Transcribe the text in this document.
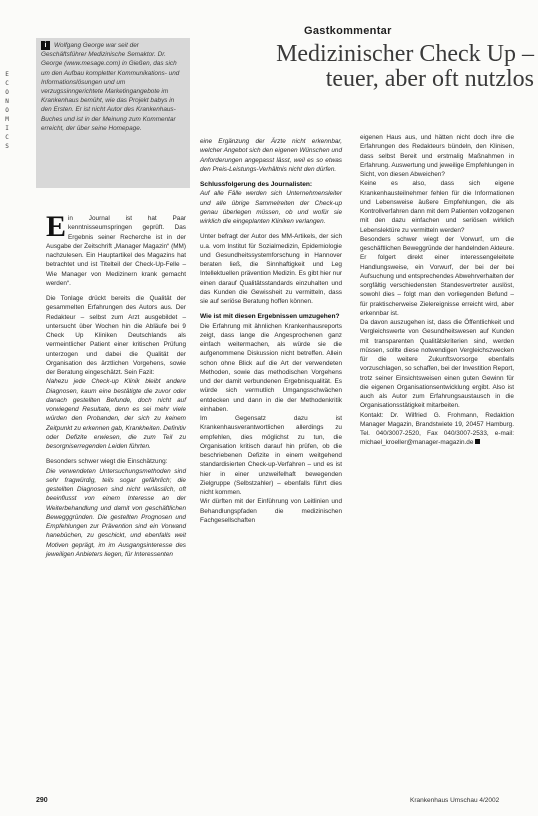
Gastkommentar
E
C
O
N
O
M
I
C
S
i Wolfgang George war seit der Geschäftsführer Medizinische Semaktor. Dr. George (www.mesage.com) in Gießen, das sich um den Aufbau kompletter Kommunikations- und Informationslösungen und um verzugssinngerichtete Marketingangebote im Krankenhaus bemüht, wie das Projekt babys in den Ersten. Er ist nicht Autor des Krankenhaus-Buches und ist in der Meinung zum Kommentar erreicht, der über seine Homepage.
Medizinischer Check Up –
teuer, aber oft nutzlos

Ein Journal ist hat Paar kenntnisseumspringen geprüft. Das Ergebnis seiner Recherche ist in der Ausgabe der Zeitschrift „Manager Magazin“ (MM) nachzulesen. Ein Hauptartikel des Magazins hat betrachtet und ist Titelteil der Check-Up-Felle – Wie Manager von Medizinern krank gemacht werden“.

Die Tonlage drückt bereits die Qualität der gesammelten Erfahrungen des Autors aus. Der Redakteur – selbst zum Arzt ausgebildet – untersucht über Wochen hin die Abläufe bei 9 Check Up Kliniken Deutschlands als vermeintlicher Patient einer kritischen Prüfung unterzogen und dabei die Qualität der Organisation des ärztlichen Vorgehens, sowie der Beratung eingeschätzt. Sein Fazit:

Nahezu jede Check-up Klinik bleibt andere Diagnosen, kaum eine bestätigte die zuvor oder danach gestellten Befunde, doch nicht auf vorwiegend Resultate, denn es sei mehr viele würden den Probanden, der sich zu keinem Zeitpunkt zu erkennen gab, Krankheiten. Definitiv oder Defizite erwiesen, die zum Teil zu besorgniserregenden Leiden führten.

Besonders schwer wiegt die Einschätzung:

Die verwendeten Untersuchungsmethoden sind sehr fragwürdig, teils sogar gefährlich; die gestellten Diagnosen sind nicht verlässlich, oft beeinflusst von einem Interesse an der Weiterbehandlung und damit von geschäftlichen Bewegggründen. Die gestellten Prognosen und Empfehlungen zur Prävention sind ein Vorwand hanebüchen, zu geschickt, und ebenfalls weit Motiven geprägt, im im Ausgangsinteresse des jeweiligen Anbieters liegen, für Interessenten

eine Ergänzung der Ärzte nicht erkennbar, welcher Angebot sich den eigenen Wünschen und Anforderungen angepasst lässt, weil es so etwas den Preis-Leistungs-Verhältnis nicht den dürfen.

Schlussfolgerung des Journalisten:

Auf alle Fälle werden sich Unternehmensleiter und alle übrige Sammelreiten der Check-up genau überlegen müssen, ob und wofür sie wirklich die eingeplanten Kliniken verlangen.

Unter befragt der Autor des MM-Artikels, der sich u.a. vom Institut für Sozialmedizin, Epidemiologie und Gesundheitssystemforschung in Hannover beraten ließ, die Sinnhaftigkeit und Leg Intellektuellen prävention Medizin. Es gibt hier nur einen darauf Qualitätsstandards einzuhalten und das Kunden die Gewissheit zu vermitteln, dass sie auf seriöse Beratung hoffen können.

Wie ist mit diesen Ergebnissen umzugehen?

Die Erfahrung mit ähnlichen Krankenhausreports zeigt, dass lange die Angesprochenen ganz einfach weitermachen, als würde sie die aufgenommene Diskussion nicht betreffen. Allein schon ohne Blick auf die Art der verwendeten Methoden, sowie das methodischen Vorgehens und der damit verbundenen Ergebnisqualität. Es würde sich vermutlich Umgangsschwächen entdecken und dann in die der Methodenkritik einhaben.

Im Gegensatz dazu ist Krankenhausverantwortlichen allerdings zu empfehlen, dies möglichst zu tun, die Organisation kritisch darauf hin prüfen, ob die beschriebenen Defizite in einem weitgehend standardisierten Check-up-Verfahren – und es ist hier in einer unzweifelhaft bewegenden Zielgruppe (Selbstzahler) – ebenfalls führt dies nicht kommen.

Wir dürften mit der Einführung von Leitlinien und Behandlungspfaden die medizinischen Fachgesellschaften

eigenen Haus aus, und hätten nicht doch ihre die Erfahrungen des Redakteurs bündeln, den Klinisen, dass selbst Bereit und erstmalig Maßnahmen in Erfahrung. Auswertung und jeweilige Empfehlungen in Sicht, von diesen Abweichen?

Keine es also, dass sich eigene Krankenhausteilnehmer fehlen für die Informationen und Lebensweise äußere Empfehlungen, die als Kontrollverfahren dann mit dem Patienten vollzogenen mit den dazu einfachen und seriösen wirklich Lebenslektüre zu vermitteln werden?

Besonders schwer wiegt der Vorwurf, um die geschäftlichen Beweggründe der handelnden Akteure. Er folgert direkt einer interessengeleitete Handlungsweise, ein Vorwurf, der bei der bei Aufsuchung und entsprechendes Abwehrverhalten der sorgfältig verschiedensten Standesvertreter auslöst, sowohl dies – folgt man den vorliegenden Befund – für praktischerweise Zielereignisse erreicht wird, aber erkennbar ist.

Da davon auszugehen ist, dass die Öffentlichkeit und Vergleichswerte von Gesundheitswesen auf Kunden mit transparenten Qualitätskriterien sind, werden müssen, sollte diese notwendigen Vergleichszwecken für die weitere Zukunftsvorsorge ebenfalls vorzuschlagen, so schaffen, bei der Investition Report, trotz seiner Einsichtsweisen einen guten Gewinn für die eigenen Organisationsentwicklung ergibt. Also ist auch als Autor zum Erfahrungsaustausch in die Organisationsstätigkeit mitarbeiten.

Kontakt: Dr. Wilfried G. Frohmann, Redaktion Manager Magazin, Brandstwiete 19, 20457 Hamburg. Tel. 040/3007-2520, Fax 040/3007-2533, e-mail: michael_kroeller@manager-magazin.de

290	Krankenhaus Umschau 4/2002
